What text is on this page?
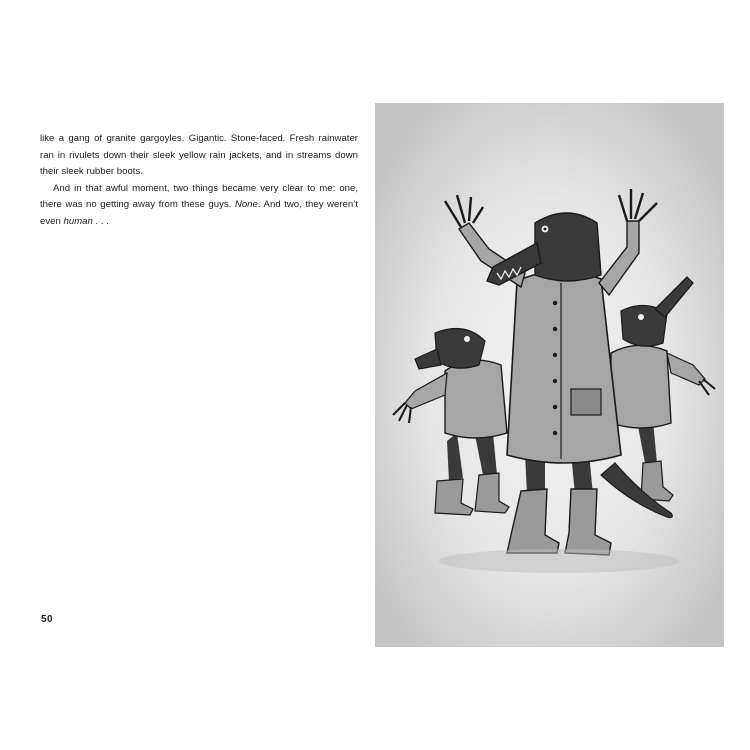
like a gang of granite gargoyles. Gigantic. Stone-faced. Fresh rainwater ran in rivulets down their sleek yellow rain jackets, and in streams down their sleek rubber boots.

And in that awful moment, two things became very clear to me: one, there was no getting away from these guys. None. And two, they weren’t even human . . .

50
